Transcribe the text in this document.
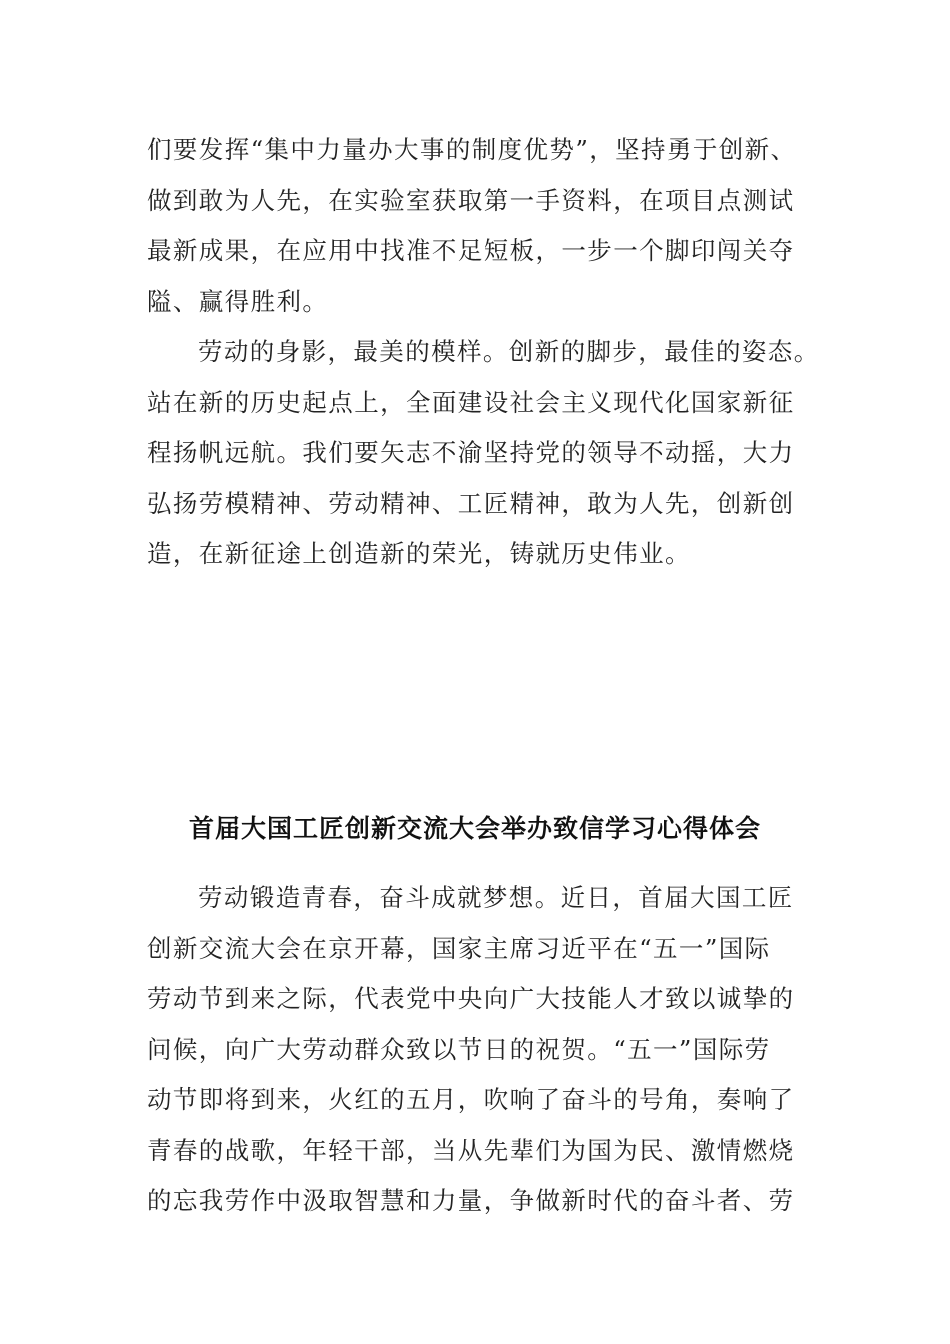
们要发挥“集中力量办大事的制度优势”，坚持勇于创新、
做到敢为人先，在实验室获取第一手资料，在项目点测试
最新成果，在应用中找准不足短板，一步一个脚印闯关夺
隘、赢得胜利。
劳动的身影，最美的模样。创新的脚步，最佳的姿态。
站在新的历史起点上，全面建设社会主义现代化国家新征
程扬帆远航。我们要矢志不渝坚持党的领导不动摇，大力
弘扬劳模精神、劳动精神、工匠精神，敢为人先，创新创
造，在新征途上创造新的荣光，铸就历史伟业。
首届大国工匠创新交流大会举办致信学习心得体会
劳动锻造青春，奋斗成就梦想。近日，首届大国工匠
创新交流大会在京开幕，国家主席习近平在“五一”国际
劳动节到来之际，代表党中央向广大技能人才致以诚挚的
问候，向广大劳动群众致以节日的祝贺。“五一”国际劳
动节即将到来，火红的五月，吹响了奋斗的号角，奏响了
青春的战歌，年轻干部，当从先辈们为国为民、激情燃烧
的忘我劳作中汲取智慧和力量，争做新时代的奋斗者、劳
